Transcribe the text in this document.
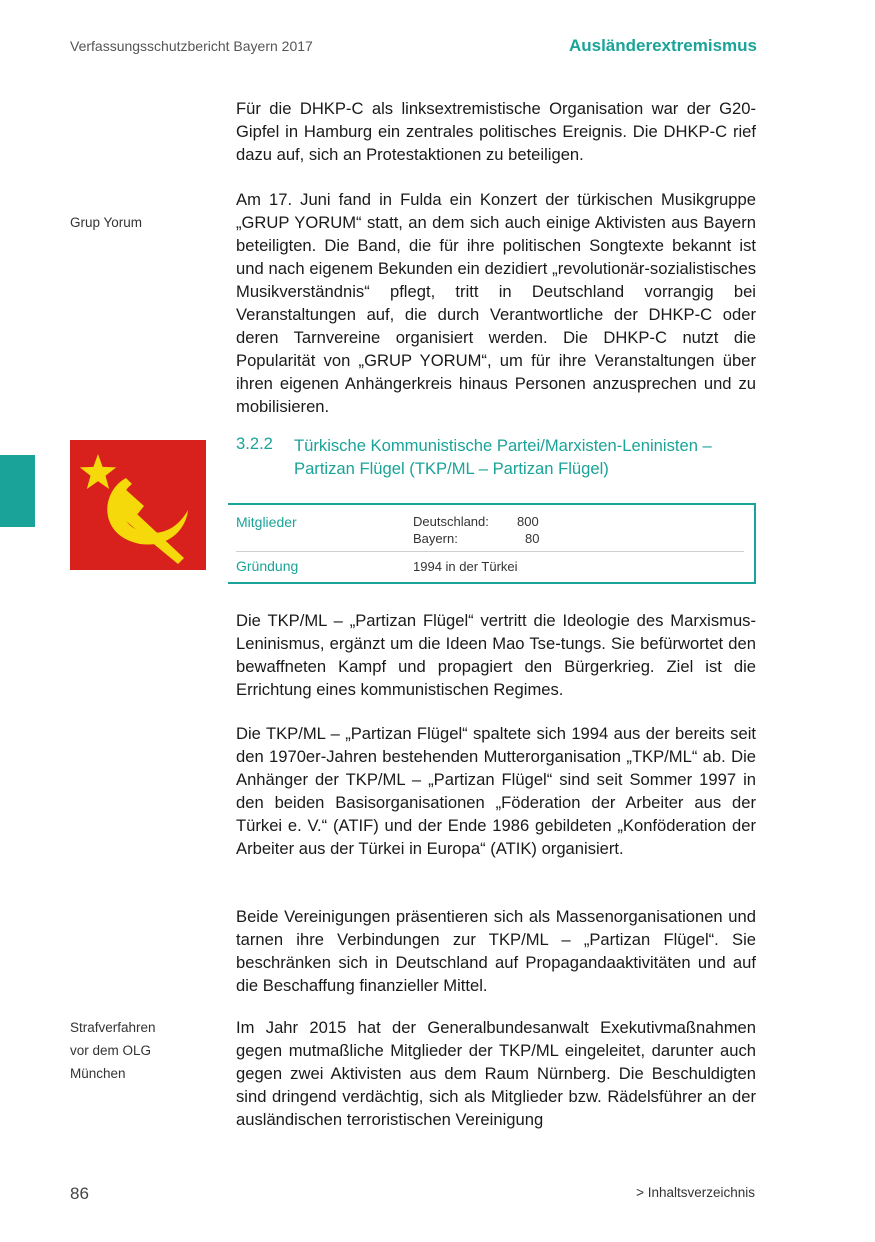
Verfassungsschutzbericht Bayern 2017	Ausländerextremismus

Für die DHKP-C als linksextremistische Organisation war der G20-Gipfel in Hamburg ein zentrales politisches Ereignis. Die DHKP-C rief dazu auf, sich an Protestaktionen zu beteiligen.

Grup Yorum

Am 17. Juni fand in Fulda ein Konzert der türkischen Musikgruppe „GRUP YORUM“ statt, an dem sich auch einige Aktivisten aus Bayern beteiligten. Die Band, die für ihre politischen Songtexte bekannt ist und nach eigenem Bekunden ein dezidiert „revolutionär-sozialistisches Musikverständnis“ pflegt, tritt in Deutschland vorrangig bei Veranstaltungen auf, die durch Verantwortliche der DHKP-C oder deren Tarnvereine organisiert werden. Die DHKP-C nutzt die Popularität von „GRUP YORUM“, um für ihre Veranstaltungen über ihren eigenen Anhängerkreis hinaus Personen anzusprechen und zu mobilisieren.

3.2.2 Türkische Kommunistische Partei/Marxisten-Leninisten – Partizan Flügel (TKP/ML – Partizan Flügel)
Mitglieder	Deutschland: 800
Bayern:	80
Gründung	1994 in der Türkei

Die TKP/ML – „Partizan Flügel“ vertritt die Ideologie des Marxismus-Leninismus, ergänzt um die Ideen Mao Tse-tungs. Sie befürwortet den bewaffneten Kampf und propagiert den Bürgerkrieg. Ziel ist die Errichtung eines kommunistischen Regimes.

Die TKP/ML – „Partizan Flügel“ spaltete sich 1994 aus der bereits seit den 1970er-Jahren bestehenden Mutterorganisation „TKP/ML“ ab. Die Anhänger der TKP/ML – „Partizan Flügel“ sind seit Sommer 1997 in den beiden Basisorganisationen „Föderation der Arbeiter aus der Türkei e. V.“ (ATIF) und der Ende 1986 gebildeten „Konföderation der Arbeiter aus der Türkei in Europa“ (ATIK) organisiert.

Beide Vereinigungen präsentieren sich als Massenorganisationen und tarnen ihre Verbindungen zur TKP/ML – „Partizan Flügel“. Sie beschränken sich in Deutschland auf Propagandaaktivitäten und auf die Beschaffung finanzieller Mittel.

Strafverfahren
vor dem OLG
München

Im Jahr 2015 hat der Generalbundesanwalt Exekutivmaßnahmen gegen mutmaßliche Mitglieder der TKP/ML eingeleitet, darunter auch gegen zwei Aktivisten aus dem Raum Nürnberg. Die Beschuldigten sind dringend verdächtig, sich als Mitglieder bzw. Rädelsführer an der ausländischen terroristischen Vereinigung

86	> Inhaltsverzeichnis
